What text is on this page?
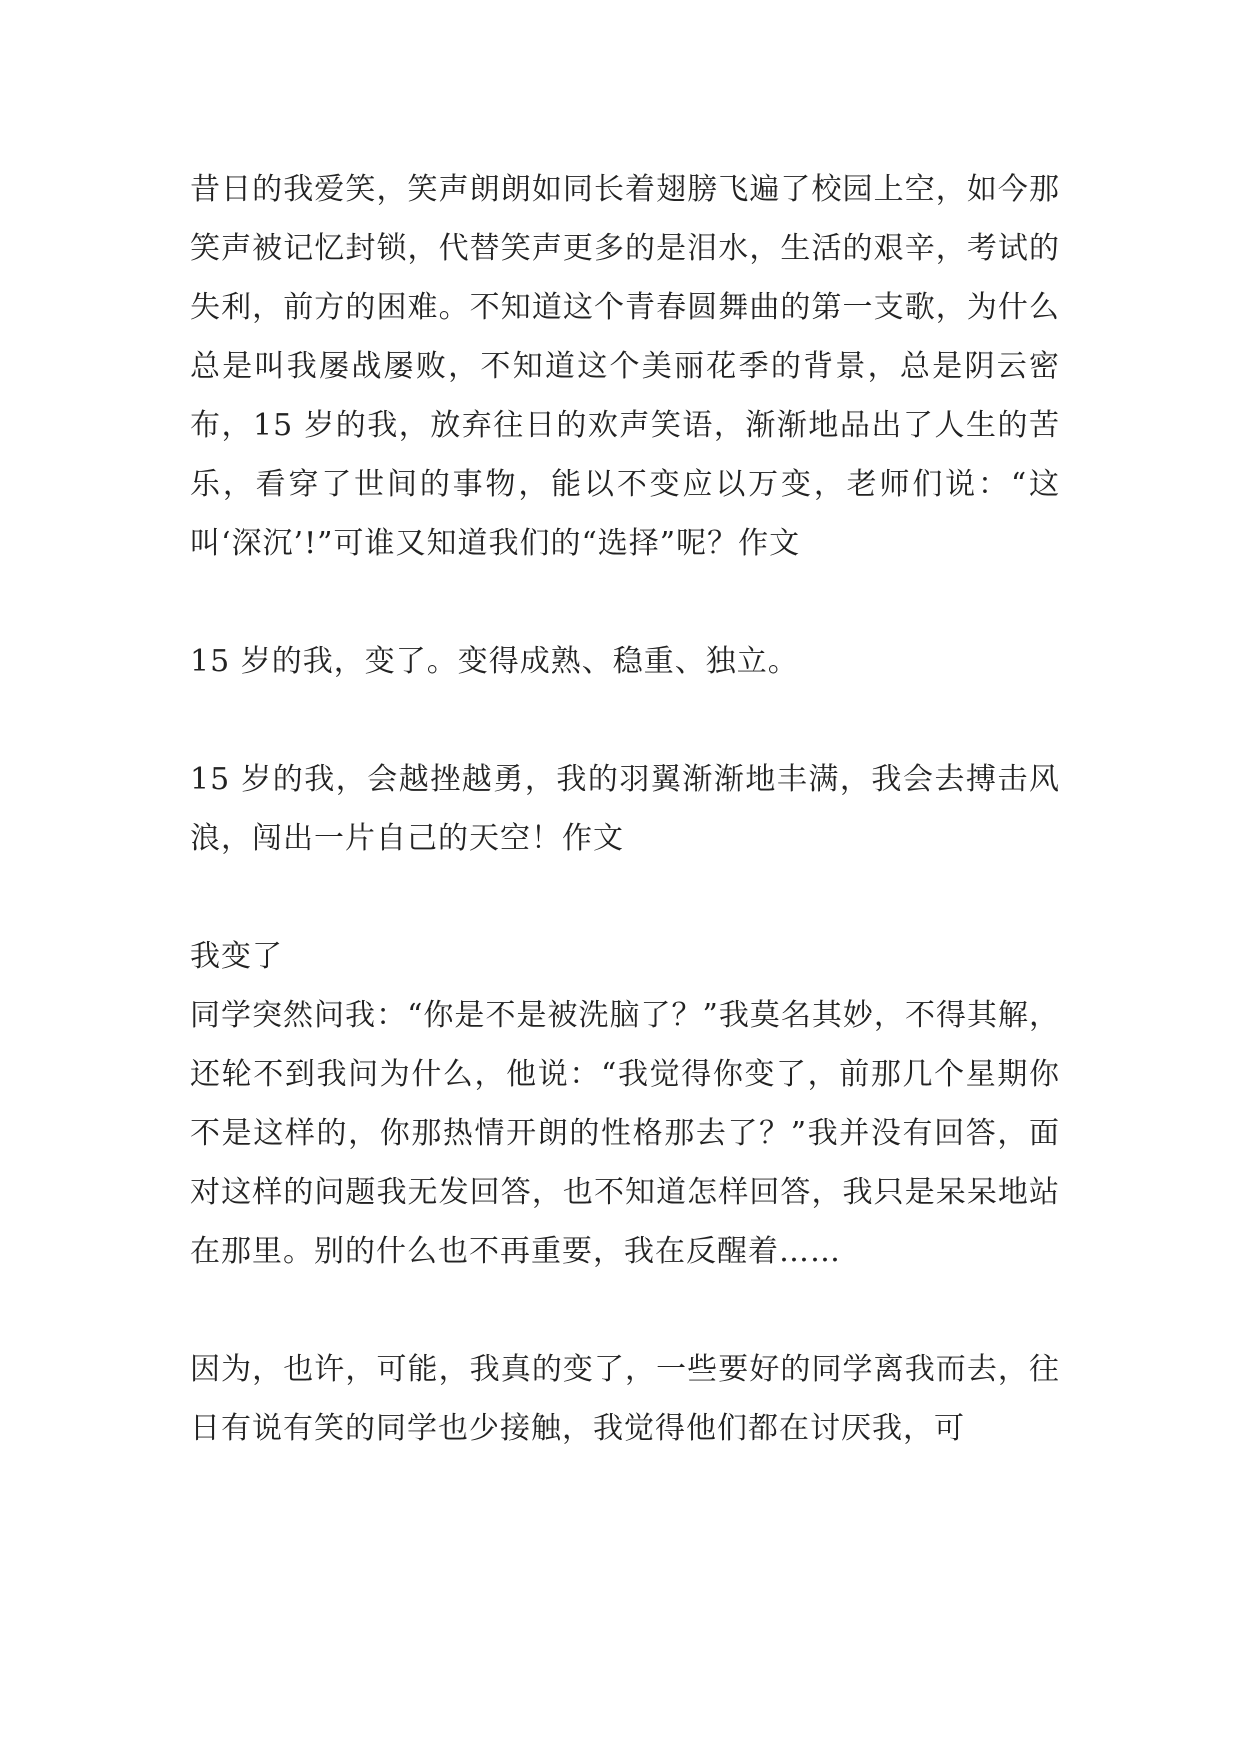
昔日的我爱笑，笑声朗朗如同长着翅膀飞遍了校园上空，如今那笑声被记忆封锁，代替笑声更多的是泪水，生活的艰辛，考试的失利，前方的困难。不知道这个青春圆舞曲的第一支歌，为什么总是叫我屡战屡败，不知道这个美丽花季的背景，总是阴云密布，15 岁的我，放弃往日的欢声笑语，渐渐地品出了人生的苦乐，看穿了世间的事物，能以不变应以万变，老师们说：“这叫‘深沉’!”可谁又知道我们的“选择”呢？作文

15 岁的我，变了。变得成熟、稳重、独立。

15 岁的我，会越挫越勇，我的羽翼渐渐地丰满，我会去搏击风浪，闯出一片自己的天空！作文

我变了

同学突然问我：“你是不是被洗脑了？”我莫名其妙，不得其解，还轮不到我问为什么，他说：“我觉得你变了，前那几个星期你不是这样的，你那热情开朗的性格那去了？”我并没有回答，面对这样的问题我无发回答，也不知道怎样回答，我只是呆呆地站在那里。别的什么也不再重要，我在反醒着……

因为，也许，可能，我真的变了，一些要好的同学离我而去，往日有说有笑的同学也少接触，我觉得他们都在讨厌我，可
